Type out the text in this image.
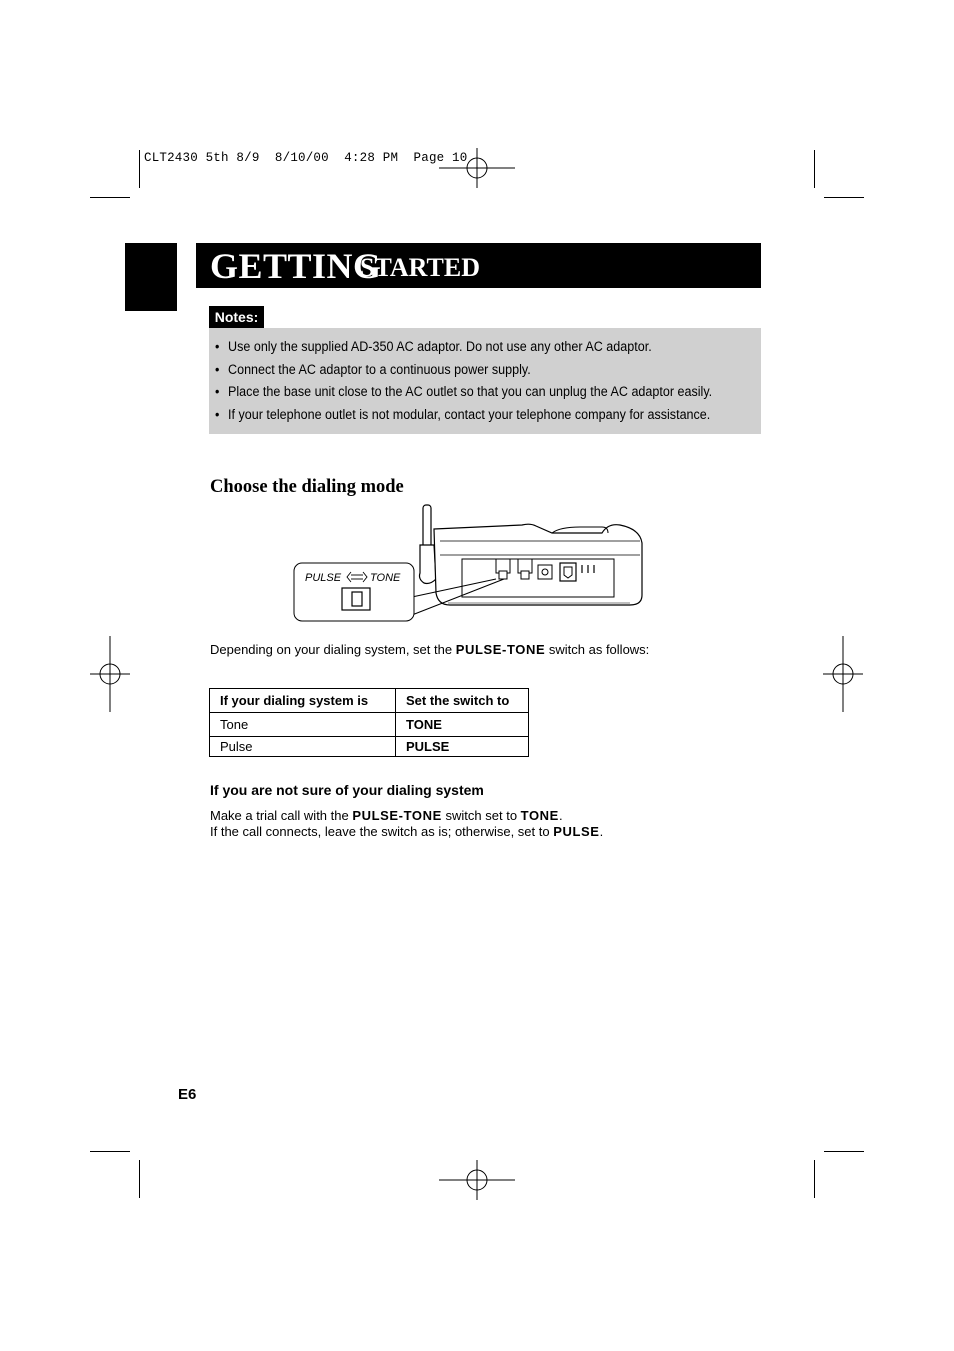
CLT2430 5th 8/9  8/10/00  4:28 PM  Page 10
GETTING
STARTED
Notes:
• Use only the supplied AD-350 AC adaptor. Do not use any other AC adaptor.
• Connect the AC adaptor to a continuous power supply.
• Place the base unit close to the AC outlet so that you can unplug the AC adaptor easily.
• If your telephone outlet is not modular, contact your telephone company for assistance.
Choose the dialing mode
PULSE	TONE
Depending on your dialing system, set the PULSE-TONE switch as follows:
If your dialing system is	Set the switch to
Tone	TONE
Pulse	PULSE
If you are not sure of your dialing system
Make a trial call with the PULSE-TONE switch set to TONE.
If the call connects, leave the switch as is; otherwise, set to PULSE.
E6
